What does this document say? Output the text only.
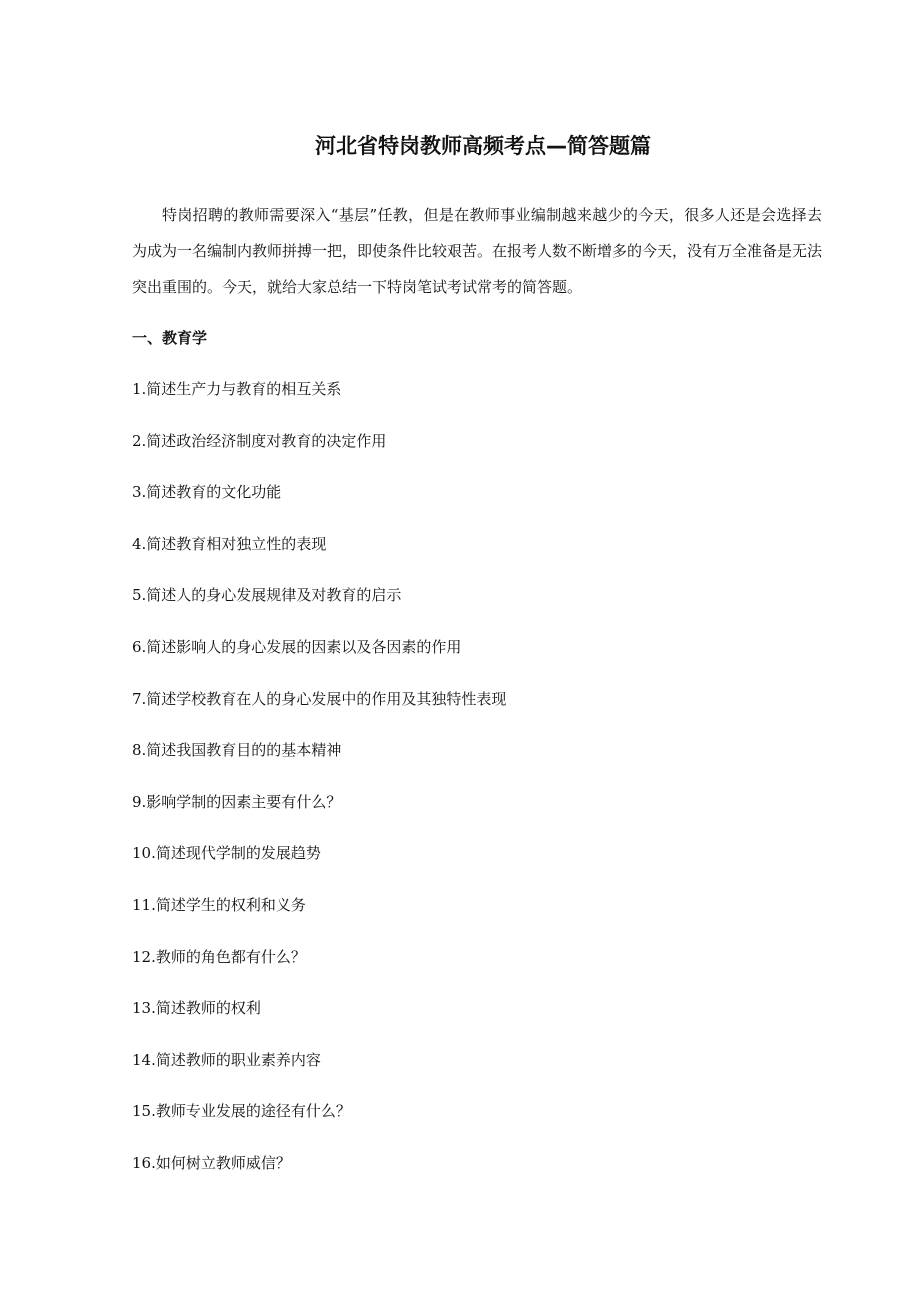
河北省特岗教师高频考点—简答题篇

特岗招聘的教师需要深入“基层”任教，但是在教师事业编制越来越少的今天，很多人还是会选择去为成为一名编制内教师拼搏一把，即使条件比较艰苦。在报考人数不断增多的今天，没有万全准备是无法突出重围的。今天，就给大家总结一下特岗笔试考试常考的简答题。

一、教育学
1.简述生产力与教育的相互关系
2.简述政治经济制度对教育的决定作用
3.简述教育的文化功能
4.简述教育相对独立性的表现
5.简述人的身心发展规律及对教育的启示
6.简述影响人的身心发展的因素以及各因素的作用
7.简述学校教育在人的身心发展中的作用及其独特性表现
8.简述我国教育目的的基本精神
9.影响学制的因素主要有什么？
10.简述现代学制的发展趋势
11.简述学生的权利和义务
12.教师的角色都有什么？
13.简述教师的权利
14.简述教师的职业素养内容
15.教师专业发展的途径有什么？
16.如何树立教师威信？
